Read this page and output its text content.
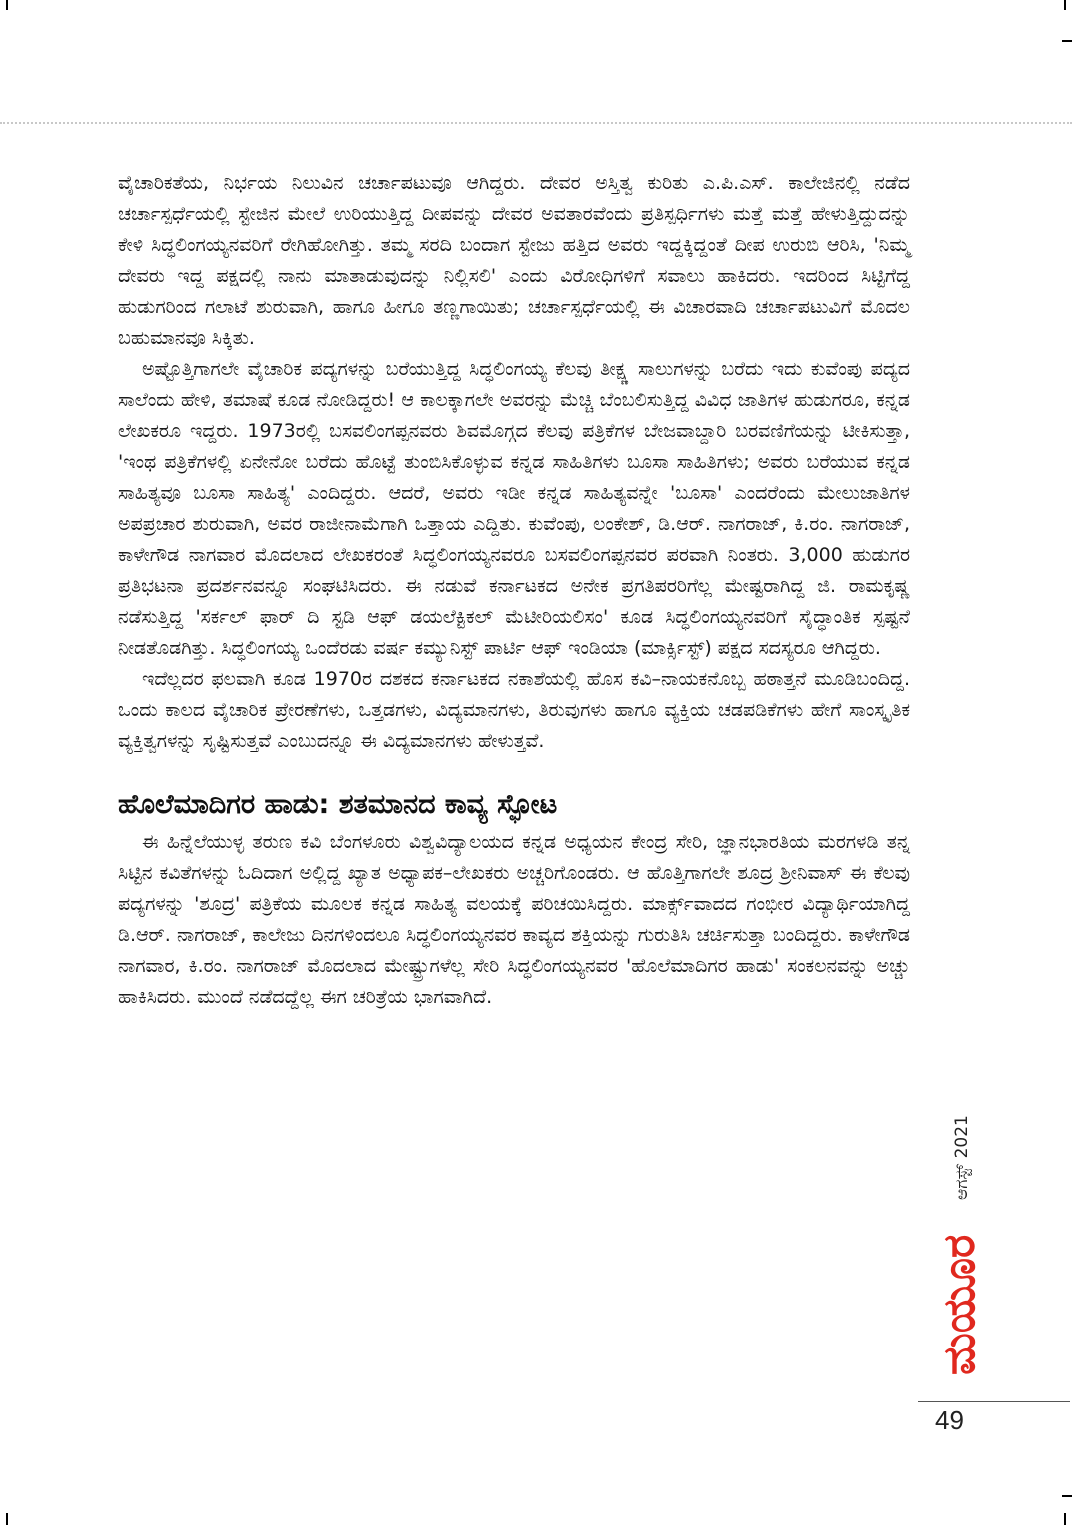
ವೈಚಾರಿಕತೆಯ, ನಿರ್ಭಯ ನಿಲುವಿನ ಚರ್ಚಾಪಟುವೂ ಆಗಿದ್ದರು. ದೇವರ ಅಸ್ತಿತ್ವ ಕುರಿತು ಎ.ಪಿ.ಎಸ್. ಕಾಲೇಜಿನಲ್ಲಿ ನಡೆದ ಚರ್ಚಾಸ್ಪರ್ಧೆಯಲ್ಲಿ ಸ್ಟೇಜಿನ ಮೇಲೆ ಉರಿಯುತ್ತಿದ್ದ ದೀಪವನ್ನು ದೇವರ ಅವತಾರವೆಂದು ಪ್ರತಿಸ್ಪರ್ಧಿಗಳು ಮತ್ತೆ ಮತ್ತೆ ಹೇಳುತ್ತಿದ್ದುದನ್ನು ಕೇಳಿ ಸಿದ್ಧಲಿಂಗಯ್ಯನವರಿಗೆ ರೇಗಿಹೋಗಿತ್ತು. ತಮ್ಮ ಸರದಿ ಬಂದಾಗ ಸ್ಟೇಜು ಹತ್ತಿದ ಅವರು ಇದ್ದಕ್ಕಿದ್ದಂತೆ ದೀಪ ಉರುಬಿ ಆರಿಸಿ, 'ನಿಮ್ಮ ದೇವರು ಇದ್ದ ಪಕ್ಷದಲ್ಲಿ ನಾನು ಮಾತಾಡುವುದನ್ನು ನಿಲ್ಲಿಸಲಿ' ಎಂದು ವಿರೋಧಿಗಳಿಗೆ ಸವಾಲು ಹಾಕಿದರು. ಇದರಿಂದ ಸಿಟ್ಟಿಗೆದ್ದ ಹುಡುಗರಿಂದ ಗಲಾಟೆ ಶುರುವಾಗಿ, ಹಾಗೂ ಹೀಗೂ ತಣ್ಣಗಾಯಿತು; ಚರ್ಚಾಸ್ಪರ್ಧೆಯಲ್ಲಿ ಈ ವಿಚಾರವಾದಿ ಚರ್ಚಾಪಟುವಿಗೆ ಮೊದಲ ಬಹುಮಾನವೂ ಸಿಕ್ಕಿತು.

ಅಷ್ಟೊತ್ತಿಗಾಗಲೇ ವೈಚಾರಿಕ ಪದ್ಯಗಳನ್ನು ಬರೆಯುತ್ತಿದ್ದ ಸಿದ್ಧಲಿಂಗಯ್ಯ ಕೆಲವು ತೀಕ್ಷ್ಣ ಸಾಲುಗಳನ್ನು ಬರೆದು ಇದು ಕುವೆಂಪು ಪದ್ಯದ ಸಾಲೆಂದು ಹೇಳಿ, ತಮಾಷೆ ಕೂಡ ನೋಡಿದ್ದರು! ಆ ಕಾಲಕ್ಕಾಗಲೇ ಅವರನ್ನು ಮೆಚ್ಚಿ ಬೆಂಬಲಿಸುತ್ತಿದ್ದ ವಿವಿಧ ಜಾತಿಗಳ ಹುಡುಗರೂ, ಕನ್ನಡ ಲೇಖಕರೂ ಇದ್ದರು. 1973ರಲ್ಲಿ ಬಸವಲಿಂಗಪ್ಪನವರು ಶಿವಮೊಗ್ಗದ ಕೆಲವು ಪತ್ರಿಕೆಗಳ ಬೇಜವಾಬ್ದಾರಿ ಬರವಣಿಗೆಯನ್ನು ಟೀಕಿಸುತ್ತಾ, 'ಇಂಥ ಪತ್ರಿಕೆಗಳಲ್ಲಿ ಏನೇನೋ ಬರೆದು ಹೊಟ್ಟೆ ತುಂಬಿಸಿಕೊಳ್ಳುವ ಕನ್ನಡ ಸಾಹಿತಿಗಳು ಬೂಸಾ ಸಾಹಿತಿಗಳು; ಅವರು ಬರೆಯುವ ಕನ್ನಡ ಸಾಹಿತ್ಯವೂ ಬೂಸಾ ಸಾಹಿತ್ಯ' ಎಂದಿದ್ದರು. ಆದರೆ, ಅವರು ಇಡೀ ಕನ್ನಡ ಸಾಹಿತ್ಯವನ್ನೇ 'ಬೂಸಾ' ಎಂದರೆಂದು ಮೇಲುಜಾತಿಗಳ ಅಪಪ್ರಚಾರ ಶುರುವಾಗಿ, ಅವರ ರಾಜೀನಾಮೆಗಾಗಿ ಒತ್ತಾಯ ಎದ್ದಿತು. ಕುವೆಂಪು, ಲಂಕೇಶ್, ಡಿ.ಆರ್. ನಾಗರಾಜ್, ಕಿ.ರಂ. ನಾಗರಾಜ್, ಕಾಳೇಗೌಡ ನಾಗವಾರ ಮೊದಲಾದ ಲೇಖಕರಂತೆ ಸಿದ್ಧಲಿಂಗಯ್ಯನವರೂ ಬಸವಲಿಂಗಪ್ಪನವರ ಪರವಾಗಿ ನಿಂತರು. 3,000 ಹುಡುಗರ ಪ್ರತಿಭಟನಾ ಪ್ರದರ್ಶನವನ್ನೂ ಸಂಘಟಿಸಿದರು. ಈ ನಡುವೆ ಕರ್ನಾಟಕದ ಅನೇಕ ಪ್ರಗತಿಪರರಿಗೆಲ್ಲ ಮೇಷ್ಟರಾಗಿದ್ದ ಜಿ. ರಾಮಕೃಷ್ಣ ನಡೆಸುತ್ತಿದ್ದ 'ಸರ್ಕಲ್ ಫಾರ್ ದಿ ಸ್ಟಡಿ ಆಫ್ ಡಯಲೆಕ್ಟಿಕಲ್ ಮೆಟೀರಿಯಲಿಸಂ' ಕೂಡ ಸಿದ್ಧಲಿಂಗಯ್ಯನವರಿಗೆ ಸೈದ್ಧಾಂತಿಕ ಸ್ಪಷ್ಟನೆ ನೀಡತೊಡಗಿತ್ತು. ಸಿದ್ಧಲಿಂಗಯ್ಯ ಒಂದೆರಡು ವರ್ಷ ಕಮ್ಯುನಿಸ್ಟ್ ಪಾರ್ಟಿ ಆಫ್ ಇಂಡಿಯಾ (ಮಾರ್ಕ್ಸಿಸ್ಟ್) ಪಕ್ಷದ ಸದಸ್ಯರೂ ಆಗಿದ್ದರು.

ಇದೆಲ್ಲದರ ಫಲವಾಗಿ ಕೂಡ 1970ರ ದಶಕದ ಕರ್ನಾಟಕದ ನಕಾಶೆಯಲ್ಲಿ ಹೊಸ ಕವಿ–ನಾಯಕನೊಬ್ಬ ಹಠಾತ್ತನೆ ಮೂಡಿಬಂದಿದ್ದ. ಒಂದು ಕಾಲದ ವೈಚಾರಿಕ ಪ್ರೇರಣೆಗಳು, ಒತ್ತಡಗಳು, ವಿದ್ಯಮಾನಗಳು, ತಿರುವುಗಳು ಹಾಗೂ ವ್ಯಕ್ತಿಯ ಚಡಪಡಿಕೆಗಳು ಹೇಗೆ ಸಾಂಸ್ಕೃತಿಕ ವ್ಯಕ್ತಿತ್ವಗಳನ್ನು ಸೃಷ್ಟಿಸುತ್ತವೆ ಎಂಬುದನ್ನೂ ಈ ವಿದ್ಯಮಾನಗಳು ಹೇಳುತ್ತವೆ.

ಹೊಲೆಮಾದಿಗರ ಹಾಡು: ಶತಮಾನದ ಕಾವ್ಯ ಸ್ಫೋಟ

ಈ ಹಿನ್ನೆಲೆಯುಳ್ಳ ತರುಣ ಕವಿ ಬೆಂಗಳೂರು ವಿಶ್ವವಿದ್ಯಾಲಯದ ಕನ್ನಡ ಅಧ್ಯಯನ ಕೇಂದ್ರ ಸೇರಿ, ಜ್ಞಾನಭಾರತಿಯ ಮರಗಳಡಿ ತನ್ನ ಸಿಟ್ಟಿನ ಕವಿತೆಗಳನ್ನು ಓದಿದಾಗ ಅಲ್ಲಿದ್ದ ಖ್ಯಾತ ಅಧ್ಯಾಪಕ–ಲೇಖಕರು ಅಚ್ಚರಿಗೊಂಡರು. ಆ ಹೊತ್ತಿಗಾಗಲೇ ಶೂದ್ರ ಶ್ರೀನಿವಾಸ್ ಈ ಕೆಲವು ಪದ್ಯಗಳನ್ನು 'ಶೂದ್ರ' ಪತ್ರಿಕೆಯ ಮೂಲಕ ಕನ್ನಡ ಸಾಹಿತ್ಯ ವಲಯಕ್ಕೆ ಪರಿಚಯಿಸಿದ್ದರು. ಮಾರ್ಕ್ಸ್‌ವಾದದ ಗಂಭೀರ ವಿದ್ಯಾರ್ಥಿಯಾಗಿದ್ದ ಡಿ.ಆರ್. ನಾಗರಾಜ್, ಕಾಲೇಜು ದಿನಗಳಿಂದಲೂ ಸಿದ್ಧಲಿಂಗಯ್ಯನವರ ಕಾವ್ಯದ ಶಕ್ತಿಯನ್ನು ಗುರುತಿಸಿ ಚರ್ಚಿಸುತ್ತಾ ಬಂದಿದ್ದರು. ಕಾಳೇಗೌಡ ನಾಗವಾರ, ಕಿ.ರಂ. ನಾಗರಾಜ್ ಮೊದಲಾದ ಮೇಷ್ಟ್ರುಗಳೆಲ್ಲ ಸೇರಿ ಸಿದ್ಧಲಿಂಗಯ್ಯನವರ 'ಹೊಲೆಮಾದಿಗರ ಹಾಡು' ಸಂಕಲನವನ್ನು ಅಚ್ಚು ಹಾಕಿಸಿದರು. ಮುಂದೆ ನಡೆದದ್ದೆಲ್ಲ ಈಗ ಚರಿತ್ರೆಯ ಭಾಗವಾಗಿದೆ.

ಆಗಸ್ಟ್ 2021
ಮಯೂರ
49
